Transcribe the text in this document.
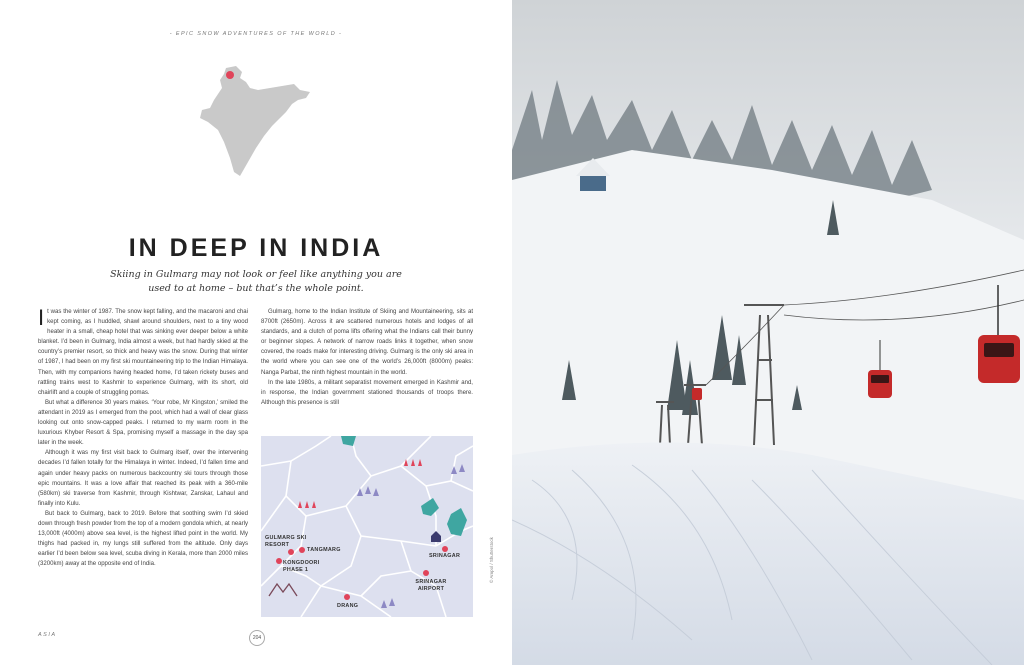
- EPIC SNOW ADVENTURES OF THE WORLD -
IN DEEP IN INDIA
Skiing in Gulmarg may not look or feel like anything you are used to at home – but that’s the whole point.

It was the winter of 1987. The snow kept falling, and the macaroni and chai kept coming, as I huddled, shawl around shoulders, next to a tiny wood heater in a small, cheap hotel that was sinking ever deeper below a white blanket. I’d been in Gulmarg, India almost a week, but had hardly skied at the country’s premier resort, so thick and heavy was the snow. During that winter of 1987, I had been on my first ski mountaineering trip to the Indian Himalaya. Then, with my companions having headed home, I’d taken rickety buses and rattling trains west to Kashmir to experience Gulmarg, with its short, old chairlift and a couple of struggling pomas.

But what a difference 30 years makes. ‘Your robe, Mr Kingston,’ smiled the attendant in 2019 as I emerged from the pool, which had a wall of clear glass looking out onto snow-capped peaks. I returned to my warm room in the luxurious Khyber Resort & Spa, promising myself a massage in the day spa later in the week.

Although it was my first visit back to Gulmarg itself, over the intervening decades I’d fallen totally for the Himalaya in winter. Indeed, I’d fallen time and again under heavy packs on numerous backcountry ski tours through those epic mountains. It was a love affair that reached its peak with a 360-mile (580km) ski traverse from Kashmir, through Kishtwar, Zanskar, Lahaul and finally into Kulu.

But back to Gulmarg, back to 2019. Before that soothing swim I’d skied down through fresh powder from the top of a modern gondola which, at nearly 13,000ft (4000m) above sea level, is the highest lifted point in the world. My thighs had packed in, my lungs still suffered from the altitude. Only days earlier I’d been below sea level, scuba diving in Kerala, more than 2000 miles (3200km) away at the opposite end of India.

Gulmarg, home to the Indian Institute of Skiing and Mountaineering, sits at 8700ft (2650m). Across it are scattered numerous hotels and lodges of all standards, and a clutch of poma lifts offering what the Indians call their bunny or beginner slopes. A network of narrow roads links it together, when snow covered, the roads make for interesting driving. Gulmarg is the only ski area in the world where you can see one of the world’s 26,000ft (8000m) peaks: Nanga Parbat, the ninth highest mountain in the world.

In the late 1980s, a militant separatist movement emerged in Kashmir and, in response, the Indian government stationed thousands of troops there. Although this presence is still

GULMARG SKI RESORT
TANGMARG
KONGDOORI PHASE 1
SRINAGAR
SRINAGAR AIRPORT
DRANG
ASIA	204
© Ampol / Shutterstock
